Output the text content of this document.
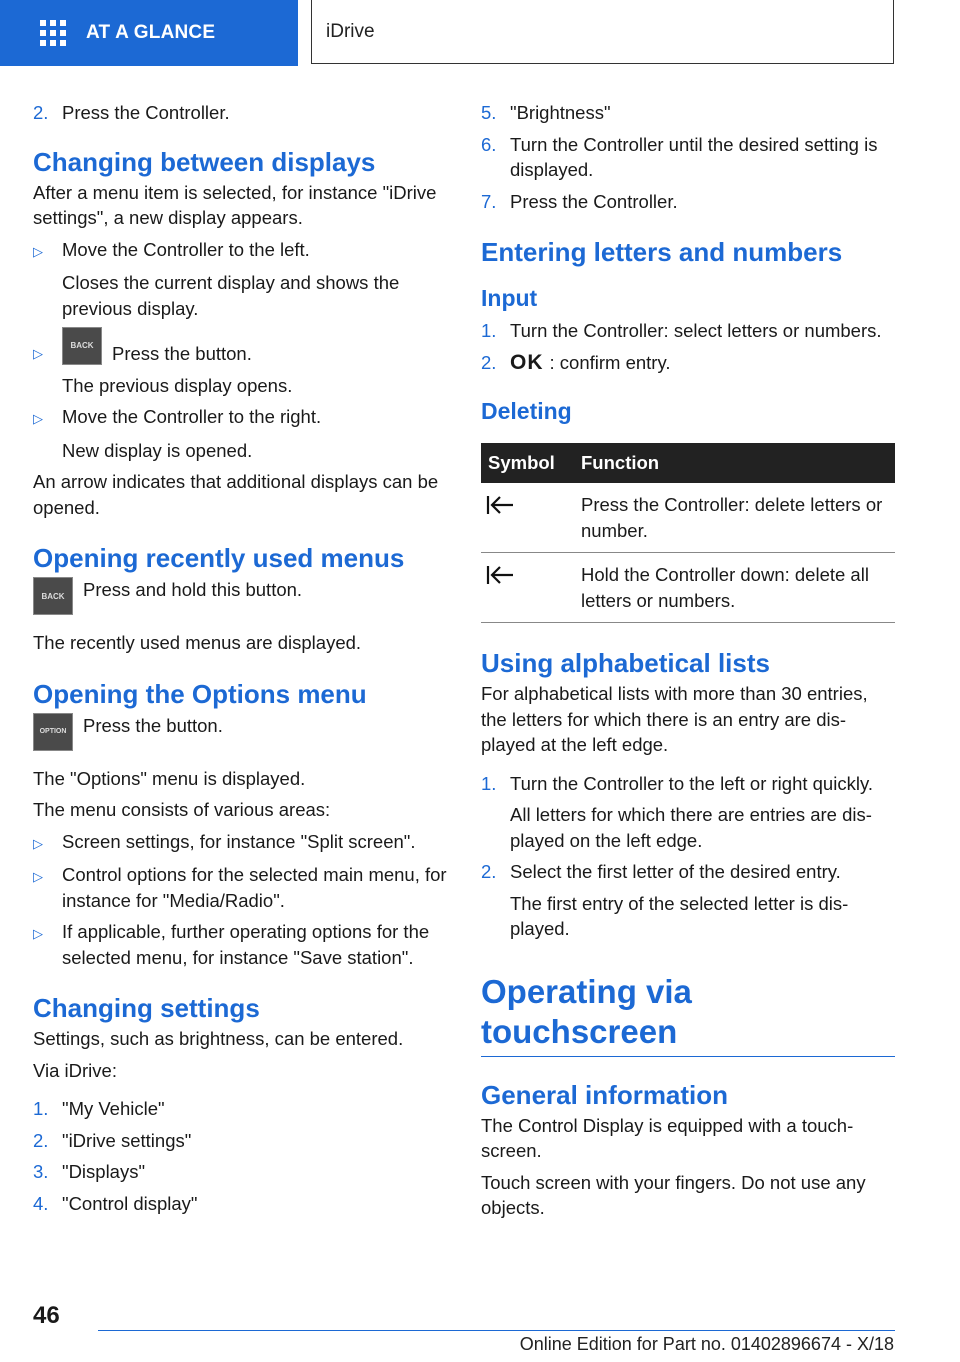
AT A GLANCE	iDrive
2. Press the Controller.
Changing between displays

After a menu item is selected, for instance "iDrive settings", a new display appears.

▷	Move the Controller to the left.
Closes the current display and shows the previous display.
▷
BACK Press the button.
The previous display opens.
▷	Move the Controller to the right.
New display is opened.

An arrow indicates that additional displays can be opened.

Opening recently used menus
BACK Press and hold this button.

The recently used menus are displayed.

Opening the Options menu
OPTION Press the button.

The "Options" menu is displayed.

The menu consists of various areas:

▷	Screen settings, for instance "Split screen".
▷	Control options for the selected main menu, for instance for "Media/Radio".
▷	If applicable, further operating options for the selected menu, for instance "Save station".
Changing settings

Settings, such as brightness, can be entered.

Via iDrive:

1. "My Vehicle"
2. "iDrive settings"
3. "Displays"
4. "Control display"
5. "Brightness"
6. Turn the Controller until the desired setting is displayed.
7. Press the Controller.
Entering letters and numbers
Input
1. Turn the Controller: select letters or numbers.
2. OK : confirm entry.
Deleting
Symbol	Function
	Press the Controller: delete letters or number.
	Hold the Controller down: delete all letters or numbers.
Using alphabetical lists

For alphabetical lists with more than 30 entries, the letters for which there is an entry are dis‐ played at the left edge.

1. Turn the Controller to the left or right quickly.
All letters for which there are entries are dis‐ played on the left edge.
2. Select the first letter of the desired entry.
The first entry of the selected letter is dis‐ played.
Operating via touchscreen
General information

The Control Display is equipped with a touch‐ screen.

Touch screen with your fingers. Do not use any objects.

46
Online Edition for Part no. 01402896674 - X/18
